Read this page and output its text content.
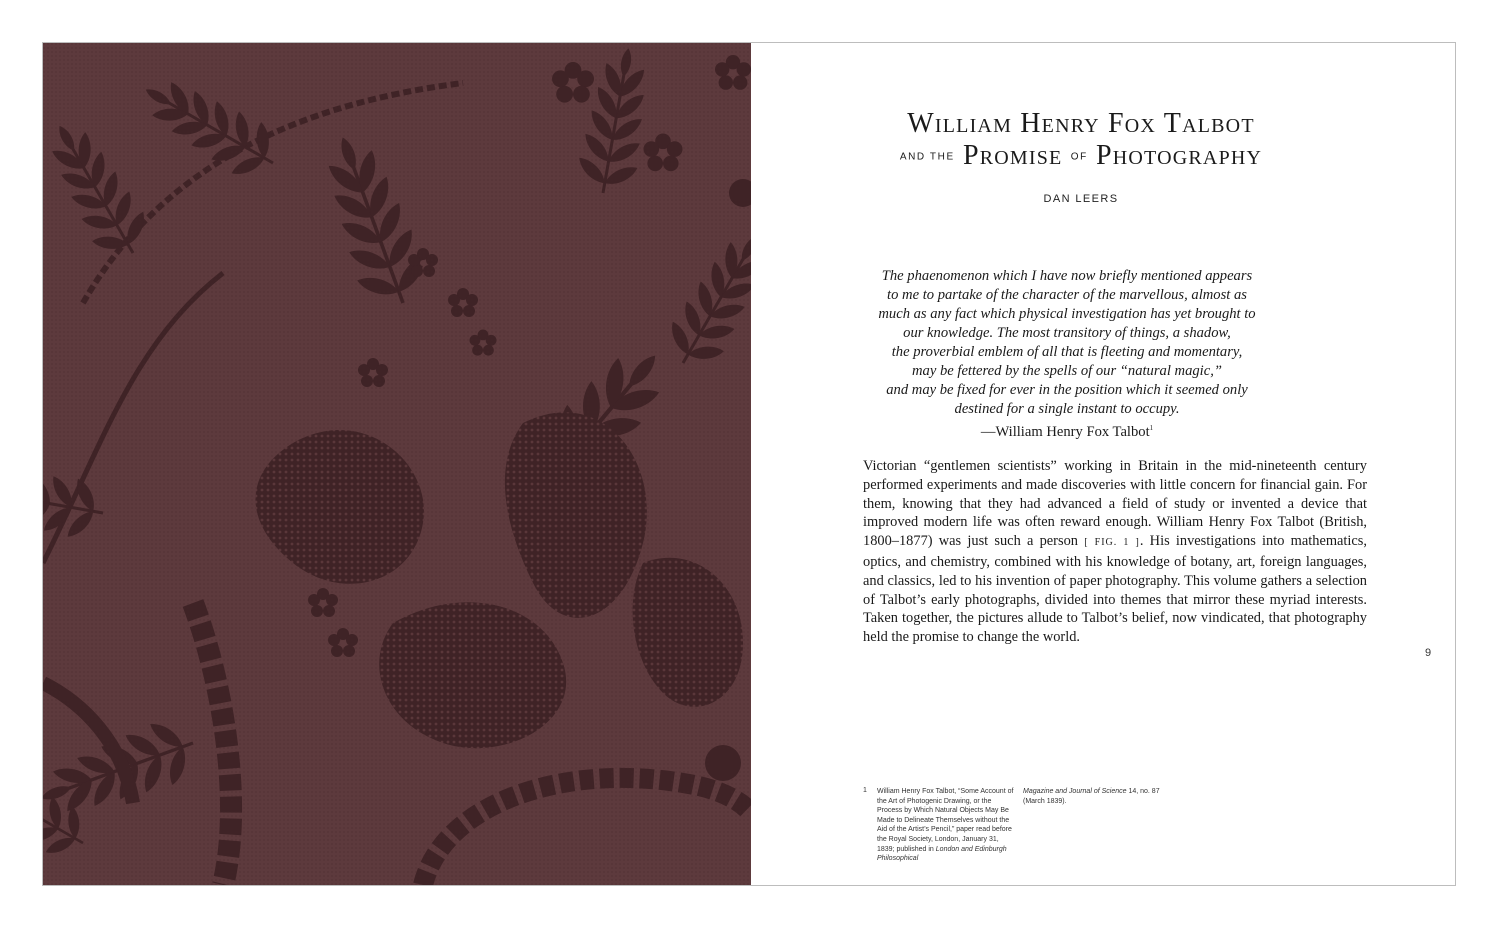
William Henry Fox Talbot
AND THE Promise OF Photography
DAN LEERS

The phaenomenon which I have now briefly mentioned appears

to me to partake of the character of the marvellous, almost as

much as any fact which physical investigation has yet brought to

our knowledge. The most transitory of things, a shadow,

the proverbial emblem of all that is fleeting and momentary,

may be fettered by the spells of our “natural magic,”

and may be fixed for ever in the position which it seemed only

destined for a single instant to occupy.

—William Henry Fox Talbot$^1$

Victorian “gentlemen scientists” working in Britain in the mid-nineteenth century performed experiments and made discoveries with little concern for financial gain. For them, knowing that they had advanced a field of study or invented a device that improved modern life was often reward enough. William Henry Fox Talbot (British, 1800–1877) was just such a person [ FIG. 1 ]. His investigations into mathematics, optics, and chemistry, combined with his knowledge of botany, art, foreign languages, and classics, led to his invention of paper photography. This volume gathers a selection of Talbot’s early photographs, divided into themes that mirror these myriad interests. Taken together, the pictures allude to Talbot’s belief, now vindicated, that photography held the promise to change the world.

9
1 William Henry Fox Talbot, “Some Account of the Art of Photogenic Drawing, or the Process by Which Natural Objects May Be Made to Delineate Themselves without the Aid of the Artist’s Pencil,” paper read before the Royal Society, London, January 31, 1839; published in London and Edinburgh Philosophical

Magazine and Journal of Science 14, no. 87 (March 1839).
